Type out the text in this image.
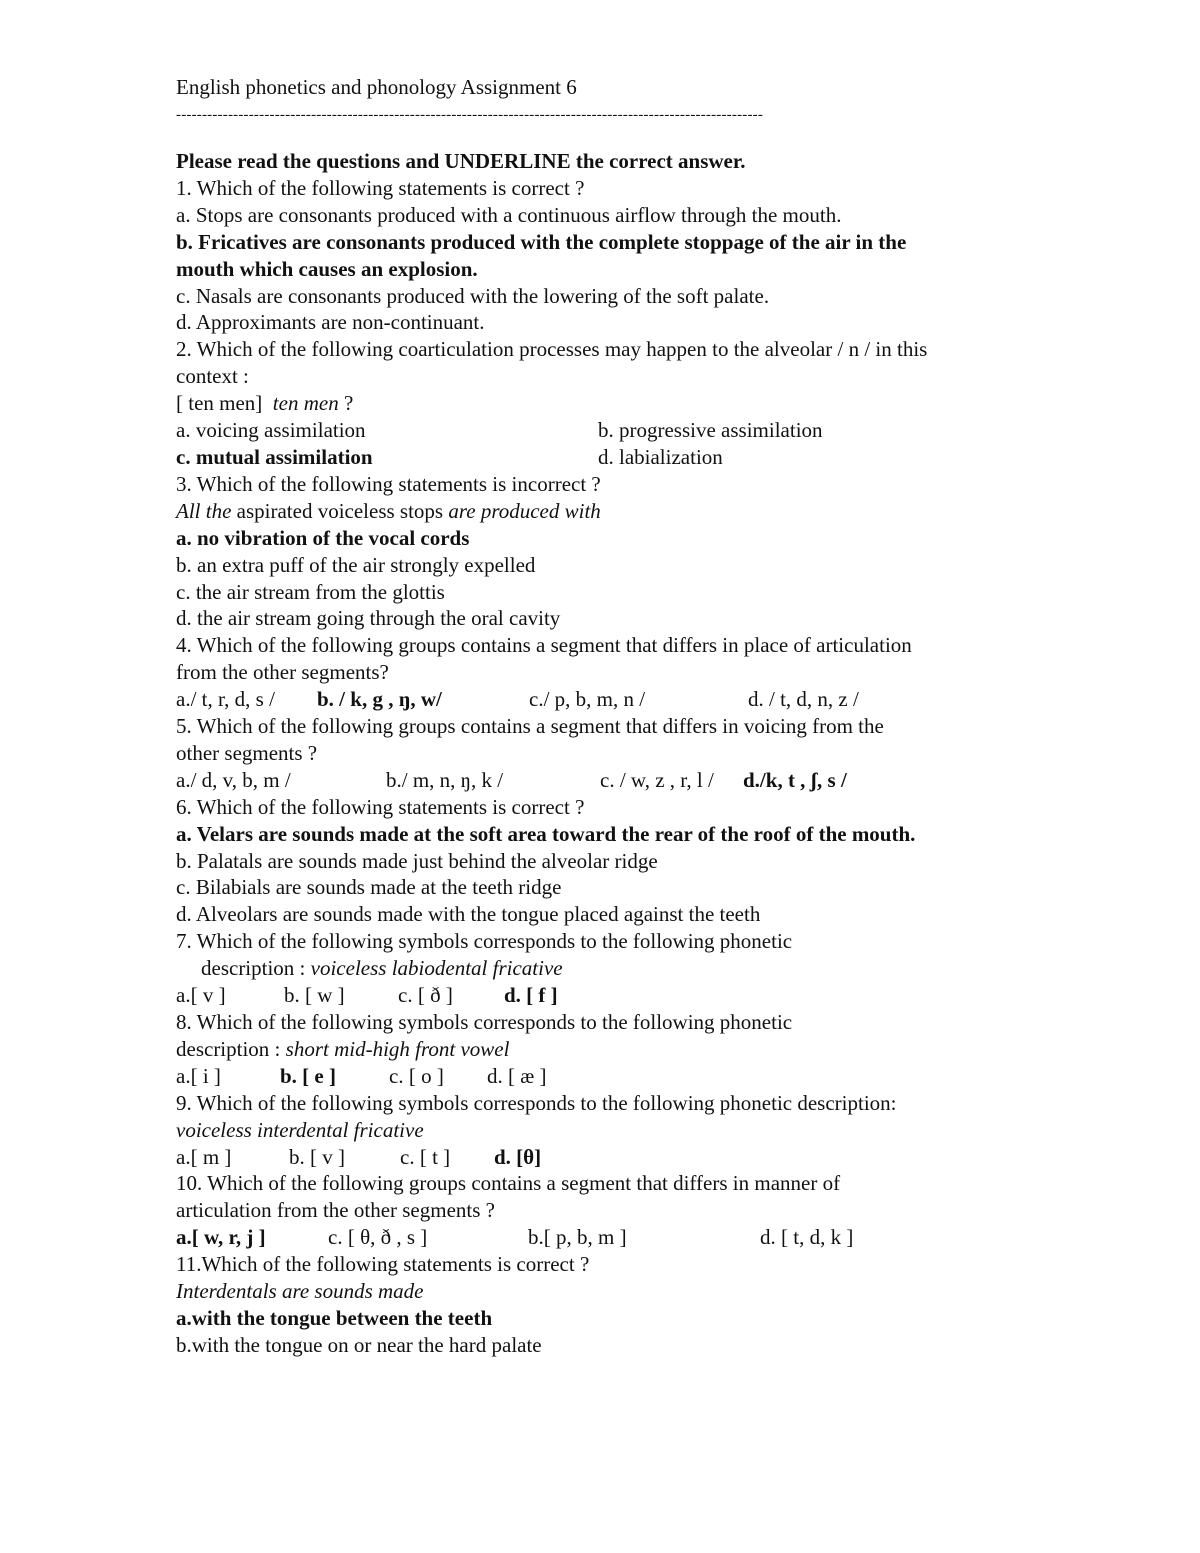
English phonetics and phonology Assignment 6
-----------------------------------------------------------------------------------------------------------------
Please read the questions and UNDERLINE the correct answer.
1. Which of the following statements is correct ?
a. Stops are consonants produced with a continuous airflow through the mouth.
b. Fricatives are consonants produced with the complete stoppage of the air in the
mouth which causes an explosion.
c. Nasals are consonants produced with the lowering of the soft palate.
d. Approximants are non-continuant.
2. Which of the following coarticulation processes may happen to the alveolar / n / in this
context :
[ ten men] ten men ?
a. voicing assimilation	b. progressive assimilation
c. mutual assimilation	d. labialization
3. Which of the following statements is incorrect ?
All the aspirated voiceless stops are produced with
a. no vibration of the vocal cords
b. an extra puff of the air strongly expelled
c. the air stream from the glottis
d. the air stream going through the oral cavity
4. Which of the following groups contains a segment that differs in place of articulation
from the other segments?
a./ t, r, d, s / b. / k, g , ŋ, w/	c./ p, b, m, n /	d. / t, d, n, z /
5. Which of the following groups contains a segment that differs in voicing from the
other segments ?
a./ d, v, b, m /	b./ m, n, ŋ, k /	c. / w, z , r, l / d./k, t , ʃ, s /
6. Which of the following statements is correct ?
a. Velars are sounds made at the soft area toward the rear of the roof of the mouth.
b. Palatals are sounds made just behind the alveolar ridge
c. Bilabials are sounds made at the teeth ridge
d. Alveolars are sounds made with the tongue placed against the teeth
7. Which of the following symbols corresponds to the following phonetic
description : voiceless labiodental fricative
a.[ v ]	b. [ w ]	c. [ ð ] d. [ f ]
8. Which of the following symbols corresponds to the following phonetic
description : short mid-high front vowel
a.[ i ]	b. [ e ]	c. [ o ] d. [ æ ]
9. Which of the following symbols corresponds to the following phonetic description:
voiceless interdental fricative
a.[ m ]	b. [ v ]	c. [ t ] d. [θ]
10. Which of the following groups contains a segment that differs in manner of
articulation from the other segments ?
a.[ w, r, j ]	c. [ θ, ð , s ]	b.[ p, b, m ]	d. [ t, d, k ]
11.Which of the following statements is correct ?
Interdentals are sounds made
a.with the tongue between the teeth
b.with the tongue on or near the hard palate
